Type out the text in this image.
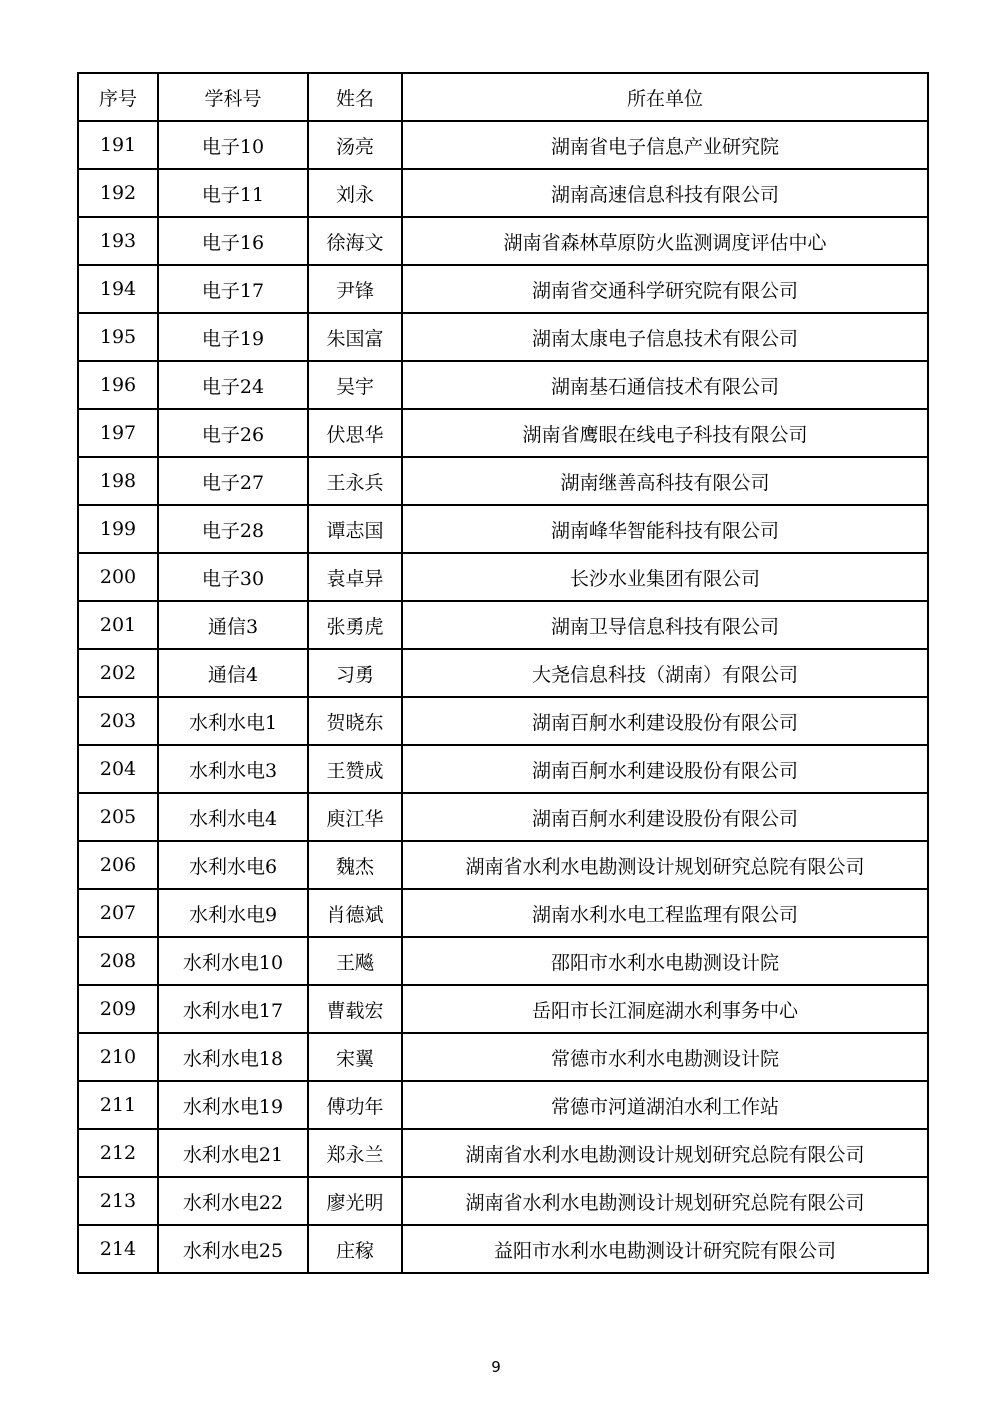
序号	学科号	姓名	所在单位
191	电子10	汤亮	湖南省电子信息产业研究院
192	电子11	刘永	湖南高速信息科技有限公司
193	电子16	徐海文	湖南省森林草原防火监测调度评估中心
194	电子17	尹锋	湖南省交通科学研究院有限公司
195	电子19	朱国富	湖南太康电子信息技术有限公司
196	电子24	吴宇	湖南基石通信技术有限公司
197	电子26	伏思华	湖南省鹰眼在线电子科技有限公司
198	电子27	王永兵	湖南继善高科技有限公司
199	电子28	谭志国	湖南峰华智能科技有限公司
200	电子30	袁卓异	长沙水业集团有限公司
201	通信3	张勇虎	湖南卫导信息科技有限公司
202	通信4	习勇	大尧信息科技（湖南）有限公司
203	水利水电1	贺晓东	湖南百舸水利建设股份有限公司
204	水利水电3	王赞成	湖南百舸水利建设股份有限公司
205	水利水电4	庾江华	湖南百舸水利建设股份有限公司
206	水利水电6	魏杰	湖南省水利水电勘测设计规划研究总院有限公司
207	水利水电9	肖德斌	湖南水利水电工程监理有限公司
208	水利水电10	王飚	邵阳市水利水电勘测设计院
209	水利水电17	曹载宏	岳阳市长江洞庭湖水利事务中心
210	水利水电18	宋翼	常德市水利水电勘测设计院
211	水利水电19	傅功年	常德市河道湖泊水利工作站
212	水利水电21	郑永兰	湖南省水利水电勘测设计规划研究总院有限公司
213	水利水电22	廖光明	湖南省水利水电勘测设计规划研究总院有限公司
214	水利水电25	庄稼	益阳市水利水电勘测设计研究院有限公司
9
